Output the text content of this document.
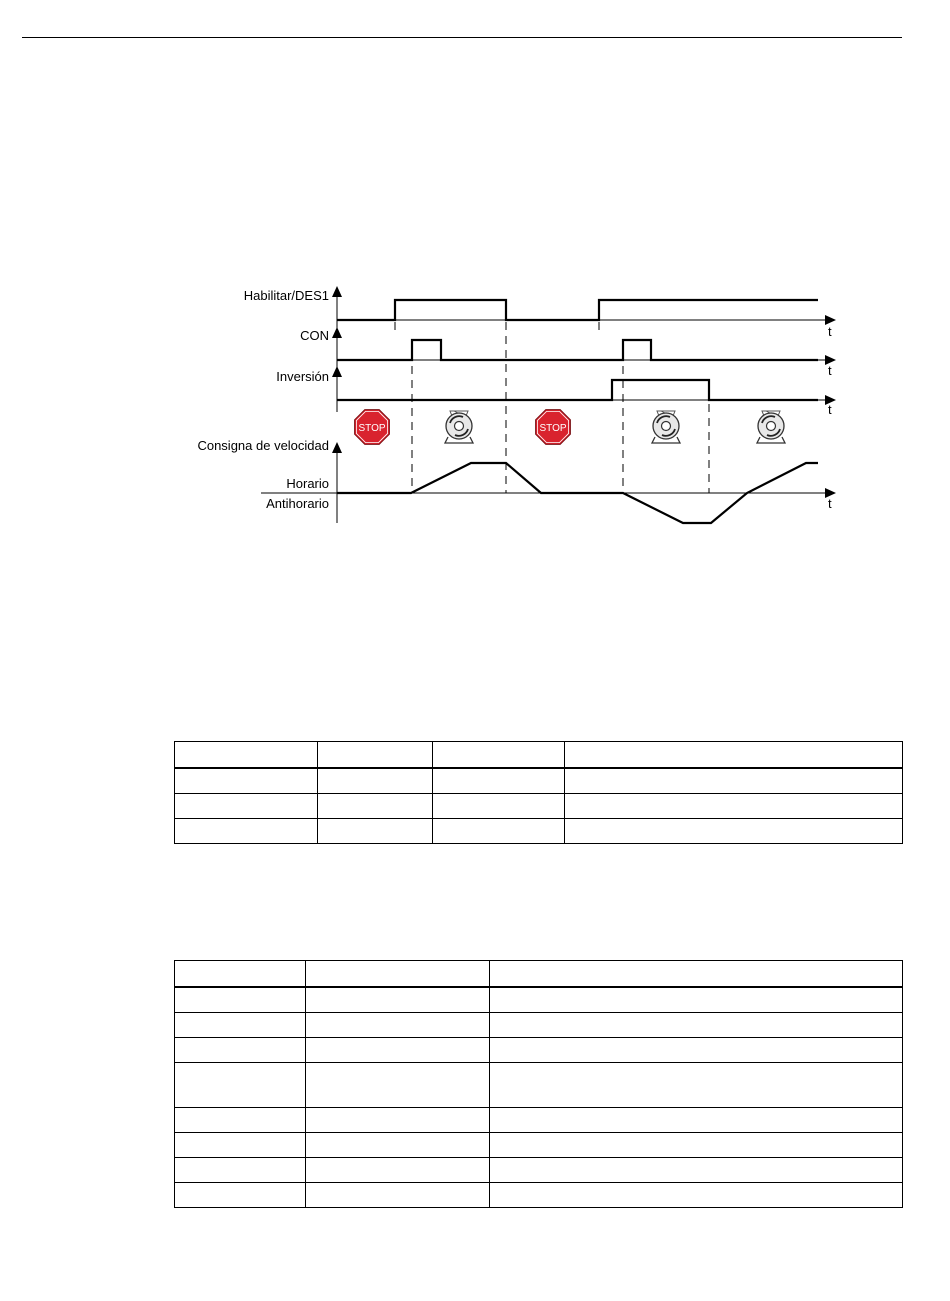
Habilitar/DES1
CON
Inversión
Consigna de velocidad
Horario
Antihorario
t
t
t
t
STOP	STOP
